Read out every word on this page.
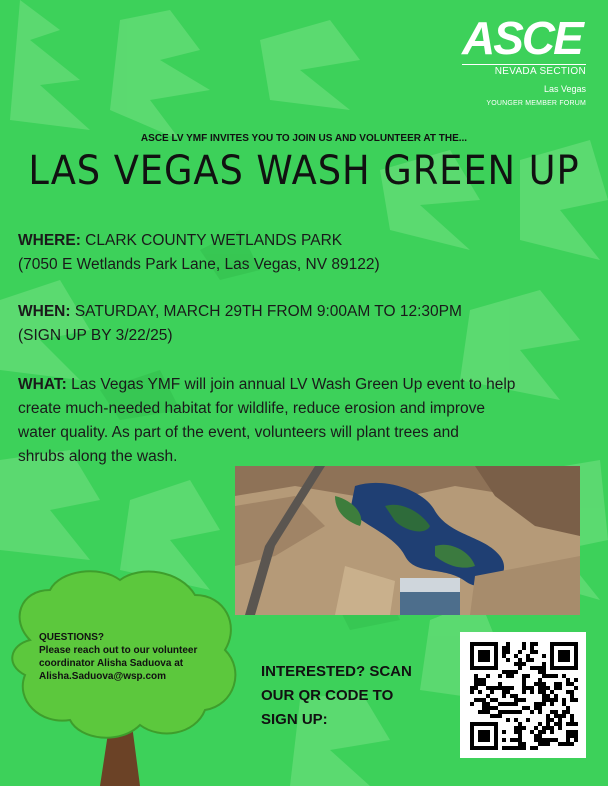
ASCE
NEVADA SECTION
Las Vegas
YOUNGER MEMBER FORUM
ASCE LV YMF INVITES YOU TO JOIN US AND VOLUNTEER AT THE...
LAS VEGAS WASH GREEN UP
WHERE: CLARK COUNTY WETLANDS PARK
(7050 E Wetlands Park Lane, Las Vegas, NV 89122)
WHEN: SATURDAY, MARCH 29TH FROM 9:00AM TO 12:30PM
(SIGN UP BY 3/22/25)
WHAT: Las Vegas YMF will join annual LV Wash Green Up event to help
create much-needed habitat for wildlife, reduce erosion and improve
water quality. As part of the event, volunteers will plant trees and
shrubs along the wash.
QUESTIONS?
Please reach out to our volunteer
coordinator Alisha Saduova at
Alisha.Saduova@wsp.com	INTERESTED? SCAN
OUR QR CODE TO
SIGN UP:
